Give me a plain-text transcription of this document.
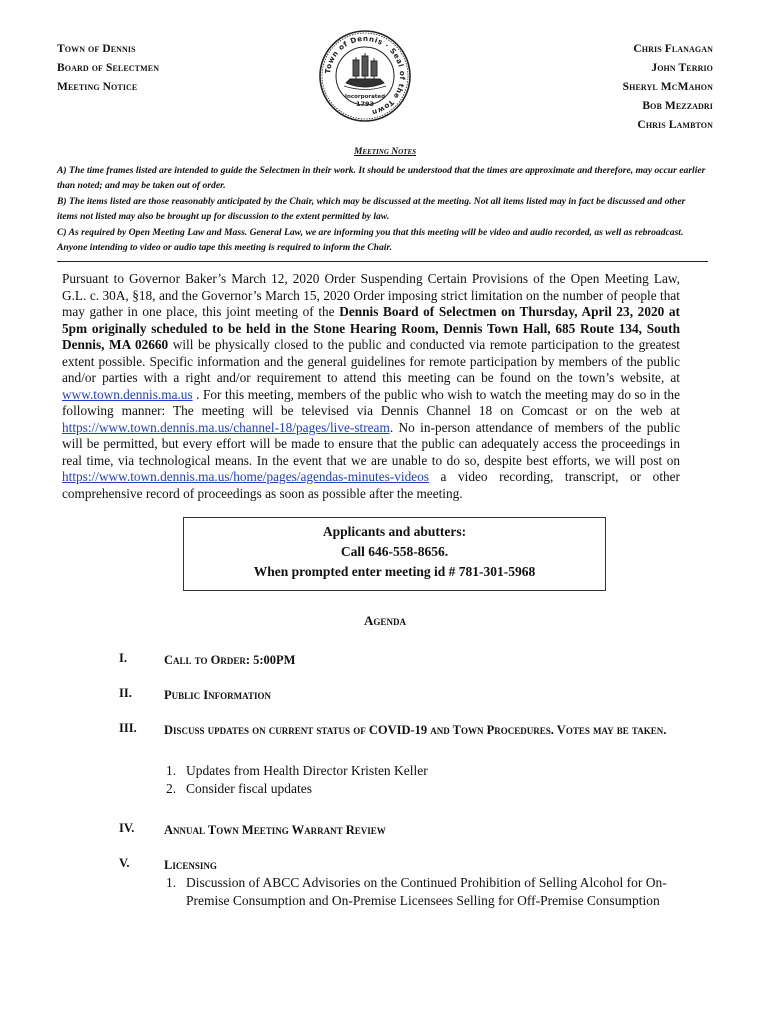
Town of Dennis
Board of Selectmen
Meeting Notice
Town of Dennis · Seal of the Town
Incorporated
1793
Chris Flanagan
John Terrio
Sheryl McMahon
Bob Mezzadri
Chris Lambton
Meeting Notes

A) The time frames listed are intended to guide the Selectmen in their work. It should be understood that the times are approximate and therefore, may occur earlier than noted; and may be taken out of order.

B) The items listed are those reasonably anticipated by the Chair, which may be discussed at the meeting. Not all items listed may in fact be discussed and other items not listed may also be brought up for discussion to the extent permitted by law.

C) As required by Open Meeting Law and Mass. General Law, we are informing you that this meeting will be video and audio recorded, as well as rebroadcast. Anyone intending to video or audio tape this meeting is required to inform the Chair.

Pursuant to Governor Baker’s March 12, 2020 Order Suspending Certain Provisions of the Open Meeting Law, G.L. c. 30A, §18, and the Governor’s March 15, 2020 Order imposing strict limitation on the number of people that may gather in one place, this joint meeting of the Dennis Board of Selectmen on Thursday, April 23, 2020 at 5pm originally scheduled to be held in the Stone Hearing Room, Dennis Town Hall, 685 Route 134, South Dennis, MA 02660 will be physically closed to the public and conducted via remote participation to the greatest extent possible. Specific information and the general guidelines for remote participation by members of the public and/or parties with a right and/or requirement to attend this meeting can be found on the town’s website, at www.town.dennis.ma.us . For this meeting, members of the public who wish to watch the meeting may do so in the following manner: The meeting will be televised via Dennis Channel 18 on Comcast or on the web at https://www.town.dennis.ma.us/channel-18/pages/live-stream. No in-person attendance of members of the public will be permitted, but every effort will be made to ensure that the public can adequately access the proceedings in real time, via technological means. In the event that we are unable to do so, despite best efforts, we will post on https://www.town.dennis.ma.us/home/pages/agendas-minutes-videos a video recording, transcript, or other comprehensive record of proceedings as soon as possible after the meeting.
Applicants and abutters:
Call 646-558-8656.
When prompted enter meeting id # 781-301-5968
Agenda
I.	Call to Order: 5:00PM
II.	Public Information
III. Discuss updates on current status of COVID-19 and Town Procedures. Votes may be taken.
1. Updates from Health Director Kristen Keller
2. Consider fiscal updates
IV. Annual Town Meeting Warrant Review
V.	Licensing
1. Discussion of ABCC Advisories on the Continued Prohibition of Selling Alcohol for On-Premise Consumption and On-Premise Licensees Selling for Off-Premise Consumption
